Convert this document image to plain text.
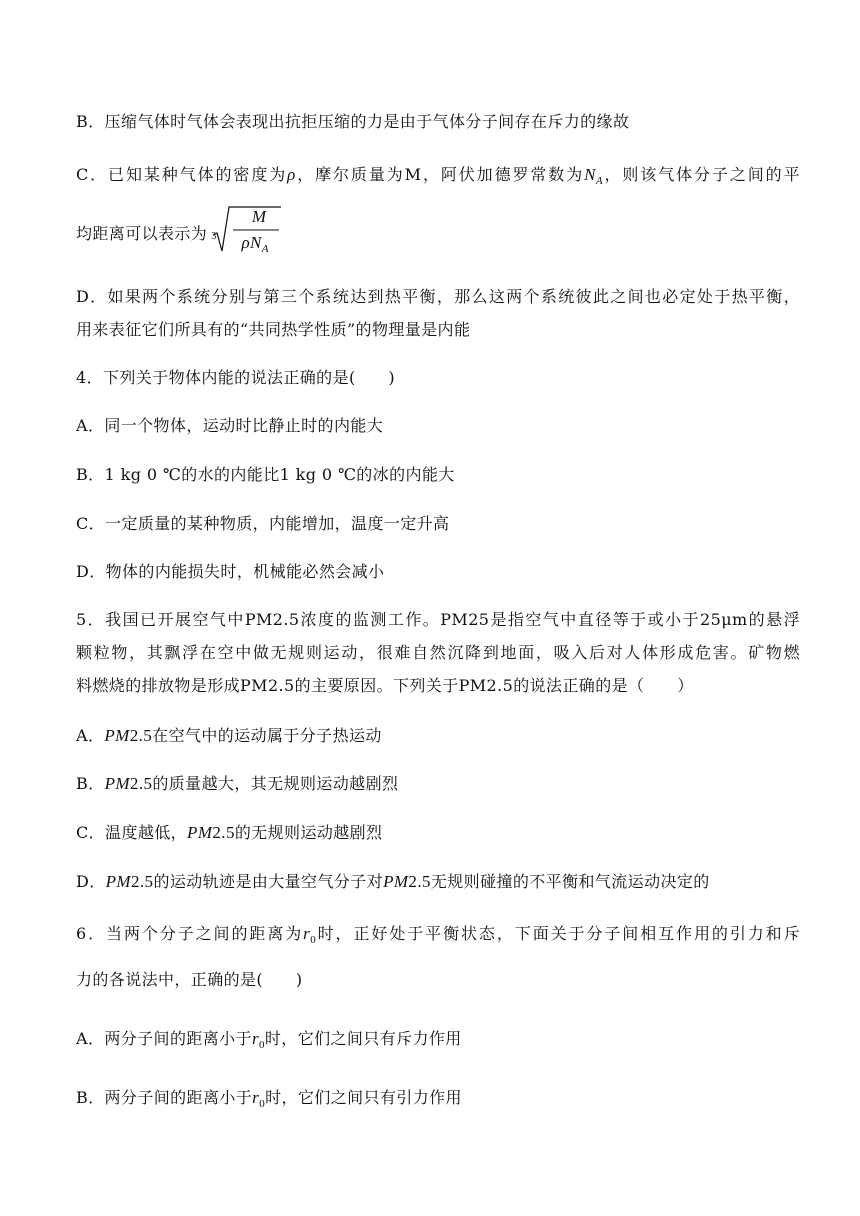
B．压缩气体时气体会表现出抗拒压缩的力是由于气体分子间存在斥力的缘故
C．已知某种气体的密度为ρ，摩尔质量为M，阿伏加德罗常数为$N_A$，则该气体分子之间的平
均距离可以表示为 3
M
$\rho N_A$
D．如果两个系统分别与第三个系统达到热平衡，那么这两个系统彼此之间也必定处于热平衡，
用来表征它们所具有的“共同热学性质”的物理量是内能
4．下列关于物体内能的说法正确的是(　　)
A．同一个物体，运动时比静止时的内能大
B．1 kg 0 ℃的水的内能比1 kg 0 ℃的冰的内能大
C．一定质量的某种物质，内能增加，温度一定升高
D．物体的内能损失时，机械能必然会减小
5．我国已开展空气中PM2.5浓度的监测工作。PM25是指空气中直径等于或小于25μm的悬浮
颗粒物，其飘浮在空中做无规则运动，很难自然沉降到地面，吸入后对人体形成危害。矿物燃
料燃烧的排放物是形成PM2.5的主要原因。下列关于PM2.5的说法正确的是（　　）
A．PM2.5在空气中的运动属于分子热运动
B．PM2.5的质量越大，其无规则运动越剧烈
C．温度越低，PM2.5的无规则运动越剧烈
D．PM2.5的运动轨迹是由大量空气分子对PM2.5无规则碰撞的不平衡和气流运动决定的
6．当两个分子之间的距离为$r_0$时，正好处于平衡状态，下面关于分子间相互作用的引力和斥
力的各说法中，正确的是(　　)
A．两分子间的距离小于$r_0$时，它们之间只有斥力作用
B．两分子间的距离小于$r_0$时，它们之间只有引力作用
